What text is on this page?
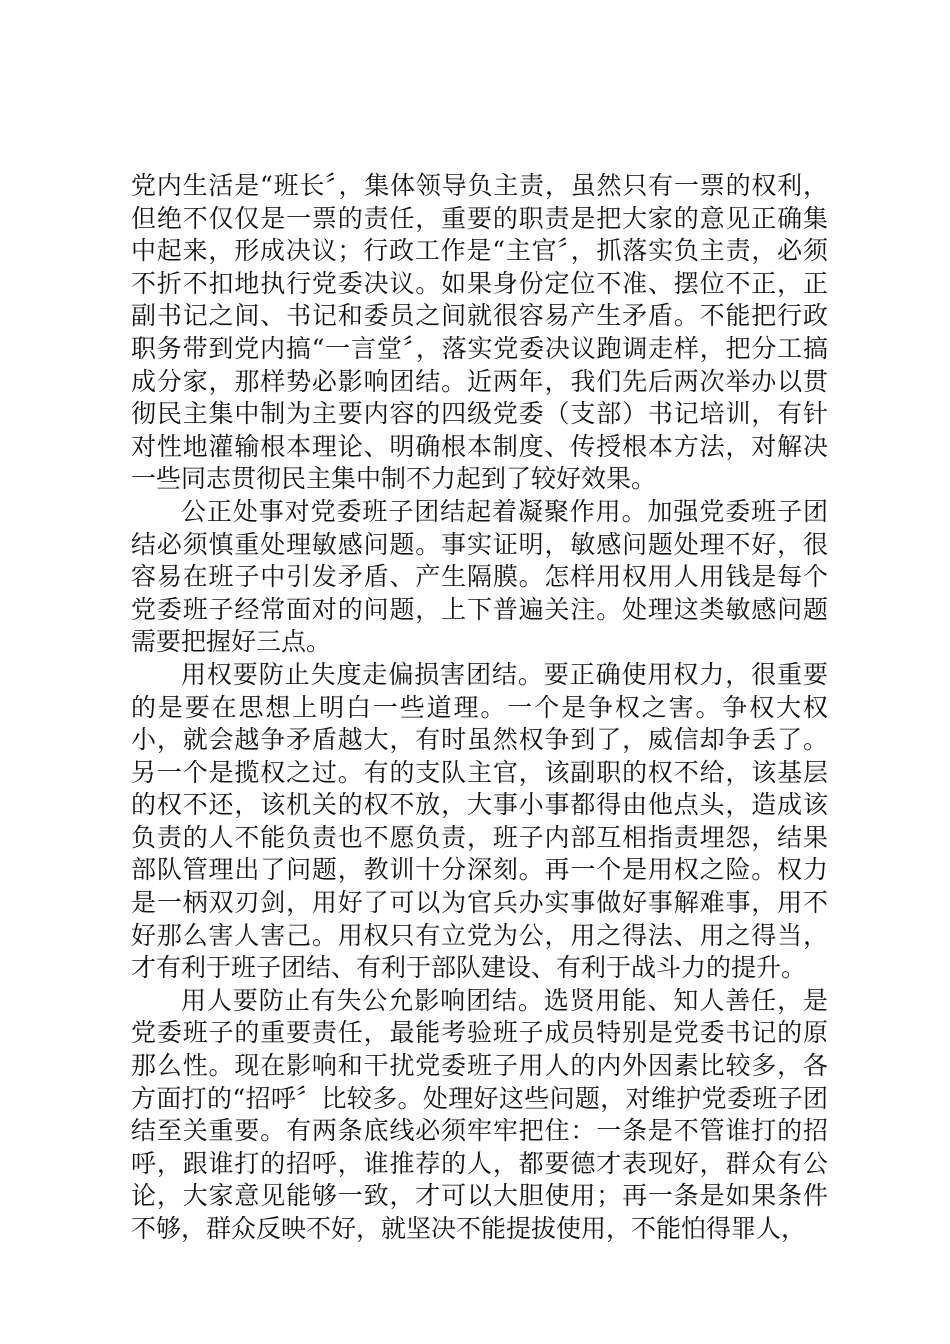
党内生活是“班长〞，集体领导负主责，虽然只有一票的权利，但绝不仅仅是一票的责任，重要的职责是把大家的意见正确集中起来，形成决议；行政工作是“主官〞，抓落实负主责，必须不折不扣地执行党委决议。如果身份定位不准、摆位不正，正副书记之间、书记和委员之间就很容易产生矛盾。不能把行政职务带到党内搞“一言堂〞，落实党委决议跑调走样，把分工搞成分家，那样势必影响团结。近两年，我们先后两次举办以贯彻民主集中制为主要内容的四级党委（支部）书记培训，有针对性地灌输根本理论、明确根本制度、传授根本方法，对解决一些同志贯彻民主集中制不力起到了较好效果。

公正处事对党委班子团结起着凝聚作用。加强党委班子团结必须慎重处理敏感问题。事实证明，敏感问题处理不好，很容易在班子中引发矛盾、产生隔膜。怎样用权用人用钱是每个党委班子经常面对的问题，上下普遍关注。处理这类敏感问题需要把握好三点。

用权要防止失度走偏损害团结。要正确使用权力，很重要的是要在思想上明白一些道理。一个是争权之害。争权大权小，就会越争矛盾越大，有时虽然权争到了，威信却争丢了。另一个是揽权之过。有的支队主官，该副职的权不给，该基层的权不还，该机关的权不放，大事小事都得由他点头，造成该负责的人不能负责也不愿负责，班子内部互相指责埋怨，结果部队管理出了问题，教训十分深刻。再一个是用权之险。权力是一柄双刃剑，用好了可以为官兵办实事做好事解难事，用不好那么害人害己。用权只有立党为公，用之得法、用之得当，才有利于班子团结、有利于部队建设、有利于战斗力的提升。

用人要防止有失公允影响团结。选贤用能、知人善任，是党委班子的重要责任，最能考验班子成员特别是党委书记的原那么性。现在影响和干扰党委班子用人的内外因素比较多，各方面打的“招呼〞比较多。处理好这些问题，对维护党委班子团结至关重要。有两条底线必须牢牢把住：一条是不管谁打的招呼，跟谁打的招呼，谁推荐的人，都要德才表现好，群众有公论，大家意见能够一致，才可以大胆使用；再一条是如果条件不够，群众反映不好，就坚决不能提拔使用，不能怕得罪人，
